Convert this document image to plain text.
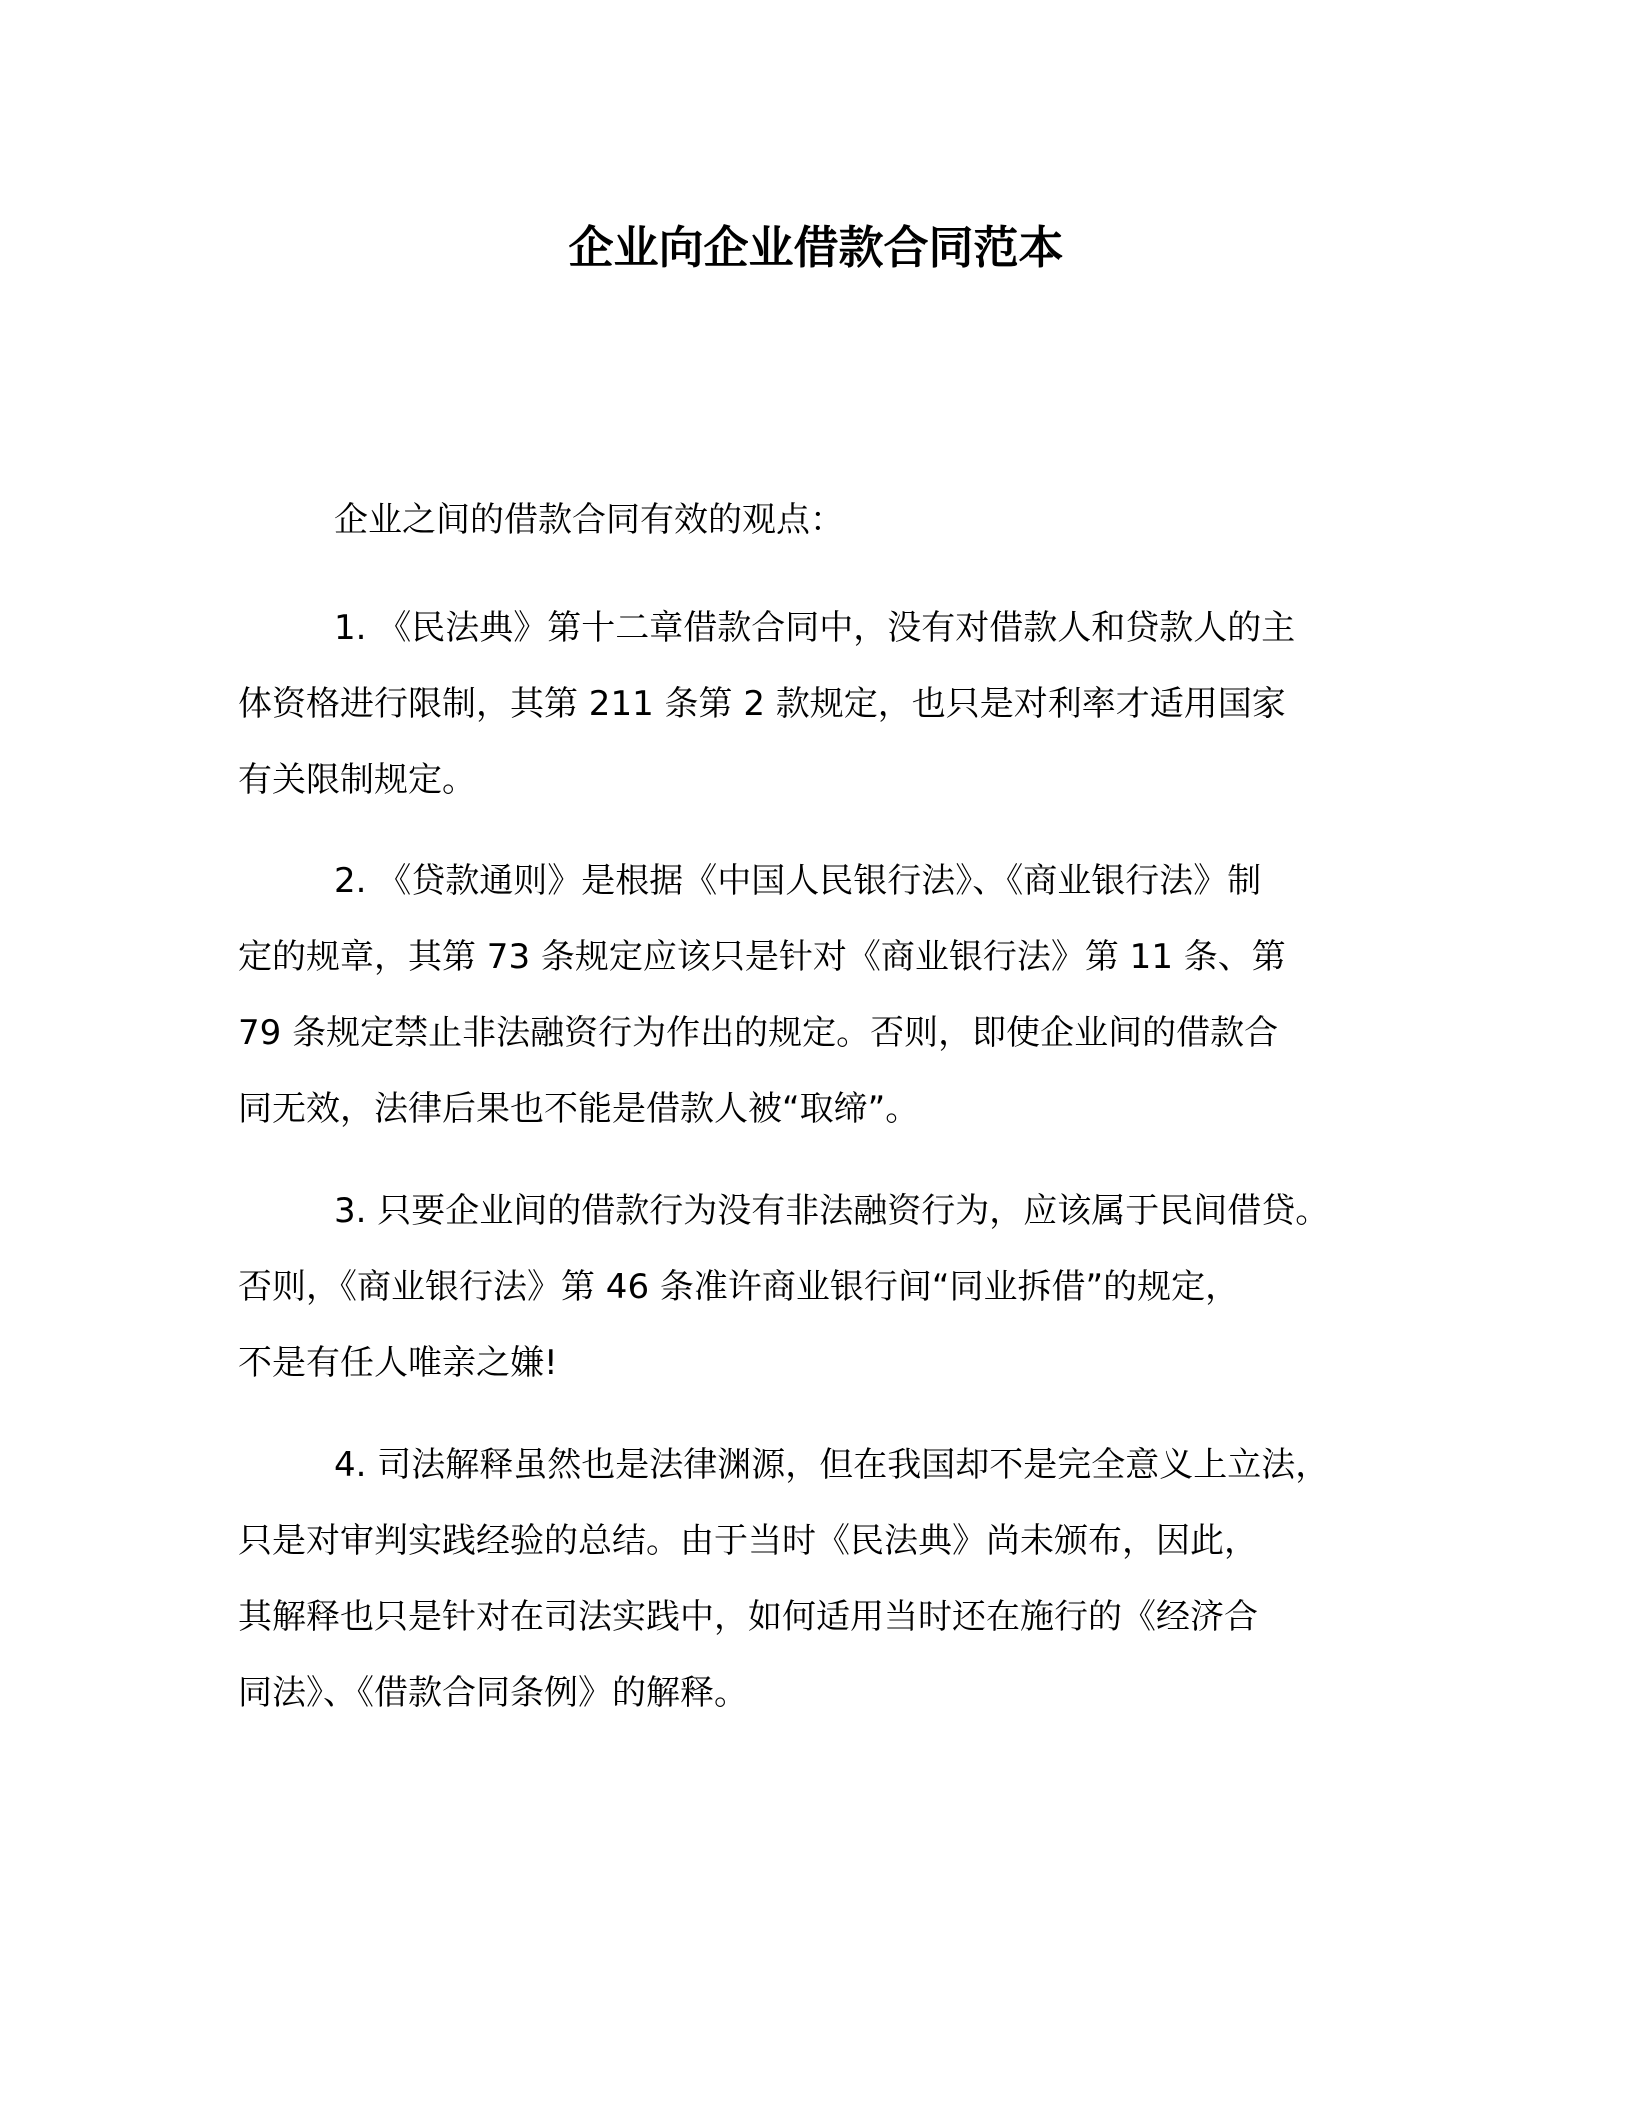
企业向企业借款合同范本
企业之间的借款合同有效的观点：
1. 《民法典》第十二章借款合同中，没有对借款人和贷款人的主
体资格进行限制，其第 211 条第 2 款规定，也只是对利率才适用国家
有关限制规定。
2. 《贷款通则》是根据《中国人民银行法》、《商业银行法》制
定的规章，其第 73 条规定应该只是针对《商业银行法》第 11 条、第
79 条规定禁止非法融资行为作出的规定。否则，即使企业间的借款合
同无效，法律后果也不能是借款人被“取缔”。
3. 只要企业间的借款行为没有非法融资行为，应该属于民间借贷。
否则，《商业银行法》第 46 条准许商业银行间“同业拆借”的规定，
不是有任人唯亲之嫌!
4. 司法解释虽然也是法律渊源，但在我国却不是完全意义上立法，
只是对审判实践经验的总结。由于当时《民法典》尚未颁布，因此，
其解释也只是针对在司法实践中，如何适用当时还在施行的《经济合
同法》、《借款合同条例》的解释。
